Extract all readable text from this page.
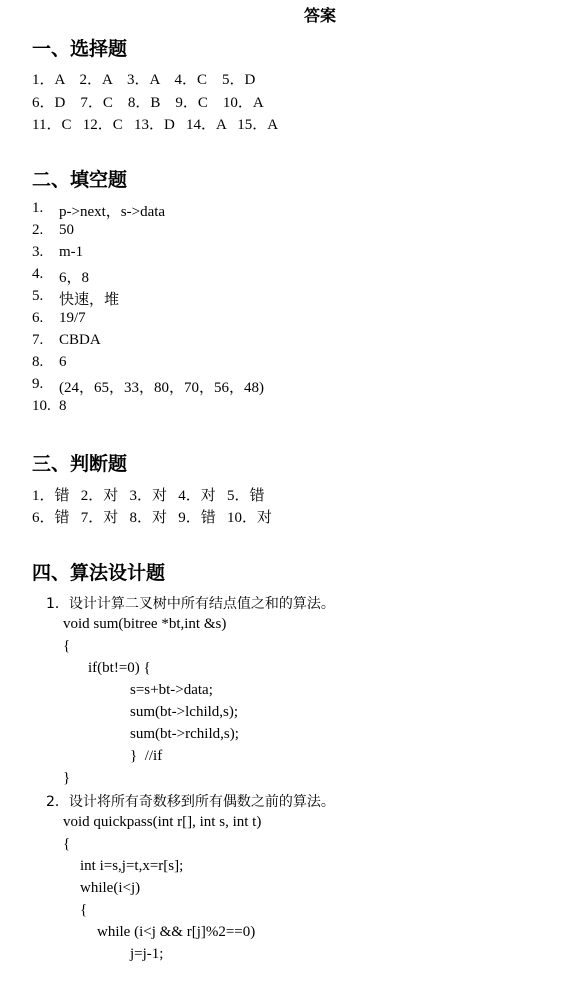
答案
一、选择题
1．A    2．A    3．A    4．C    5．D
6．D    7．C    8．B    9．C    10．A
11．C   12．C   13．D   14．A   15．A
二、填空题
1. p->next，s->data
2. 50
3. m-1
4. 6，8
5. 快速，堆
6. 19/7
7. CBDA
8. 6
9. (24，65，33，80，70，56，48)
10. 8
三、判断题
1．错   2．对   3．对   4．对   5．错
6．错   7．对   8．对   9．错   10．对
四、算法设计题
1．设计计算二叉树中所有结点值之和的算法。
void sum(bitree *bt,int &s)
{
if(bt!=0) {
s=s+bt->data;
sum(bt->lchild,s);
sum(bt->rchild,s);
}  //if
}
2．设计将所有奇数移到所有偶数之前的算法。
void quickpass(int r[], int s, int t)
{
int i=s,j=t,x=r[s];
while(i<j)
{
while (i<j && r[j]%2==0)
j=j-1;
